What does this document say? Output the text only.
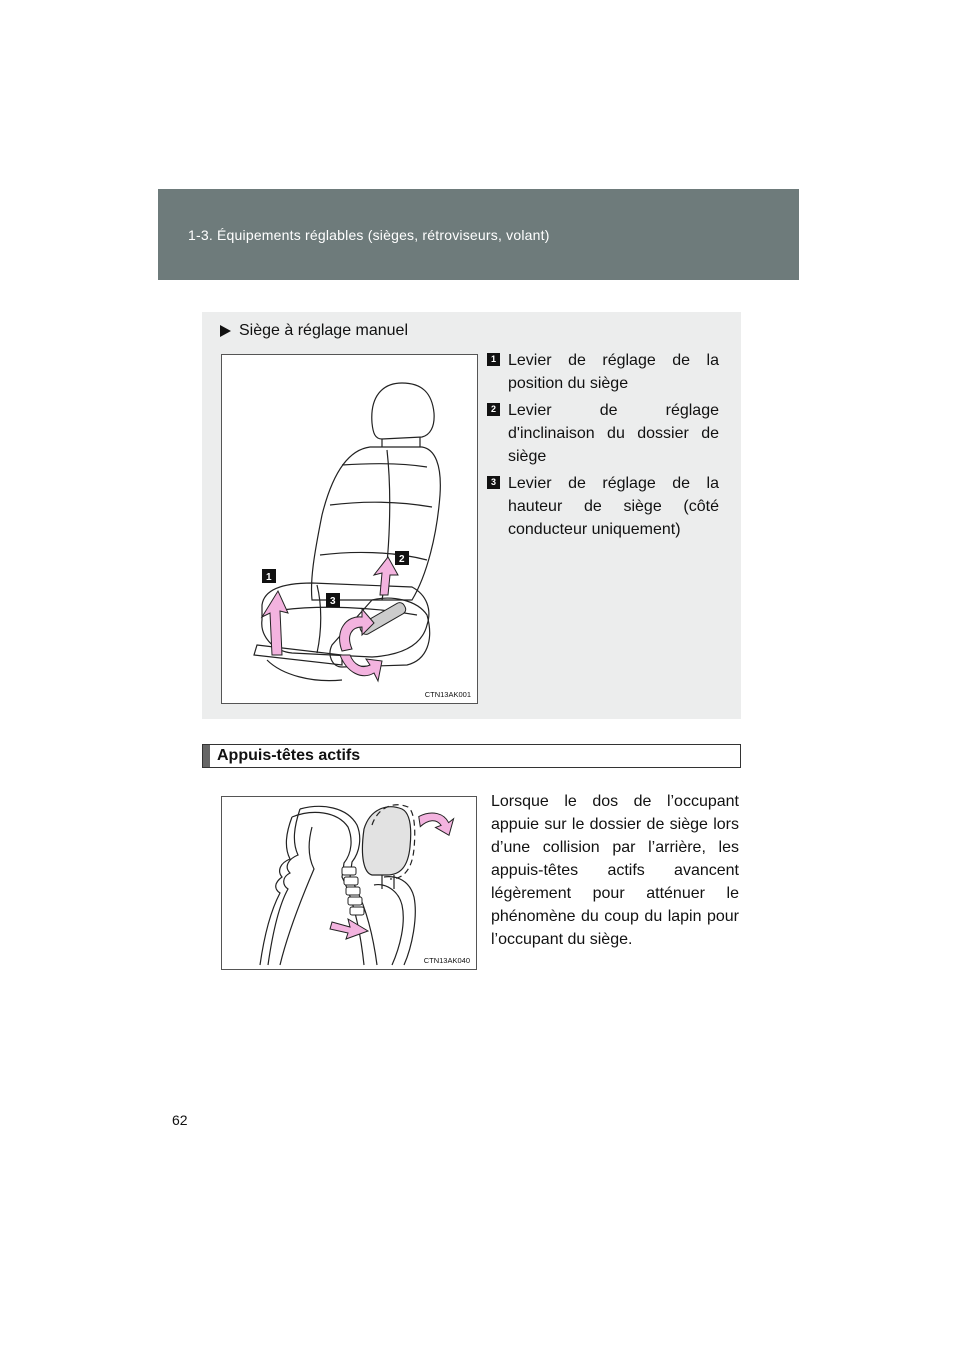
1-3. Équipements réglables (sièges, rétroviseurs, volant)
Siège à réglage manuel
1
2
3
CTN13AK001
1 Levier de réglage de la position du siège
2 Levier de réglage d'inclinaison du dossier de siège
3 Levier de réglage de la hauteur de siège (côté conducteur uniquement)
Appuis-têtes actifs
CTN13AK040

Lorsque le dos de l’occupant appuie sur le dossier de siège lors d’une collision par l’arrière, les appuis-têtes actifs avancent légèrement pour atténuer le phénomène du coup du lapin pour l’occupant du siège.

62
